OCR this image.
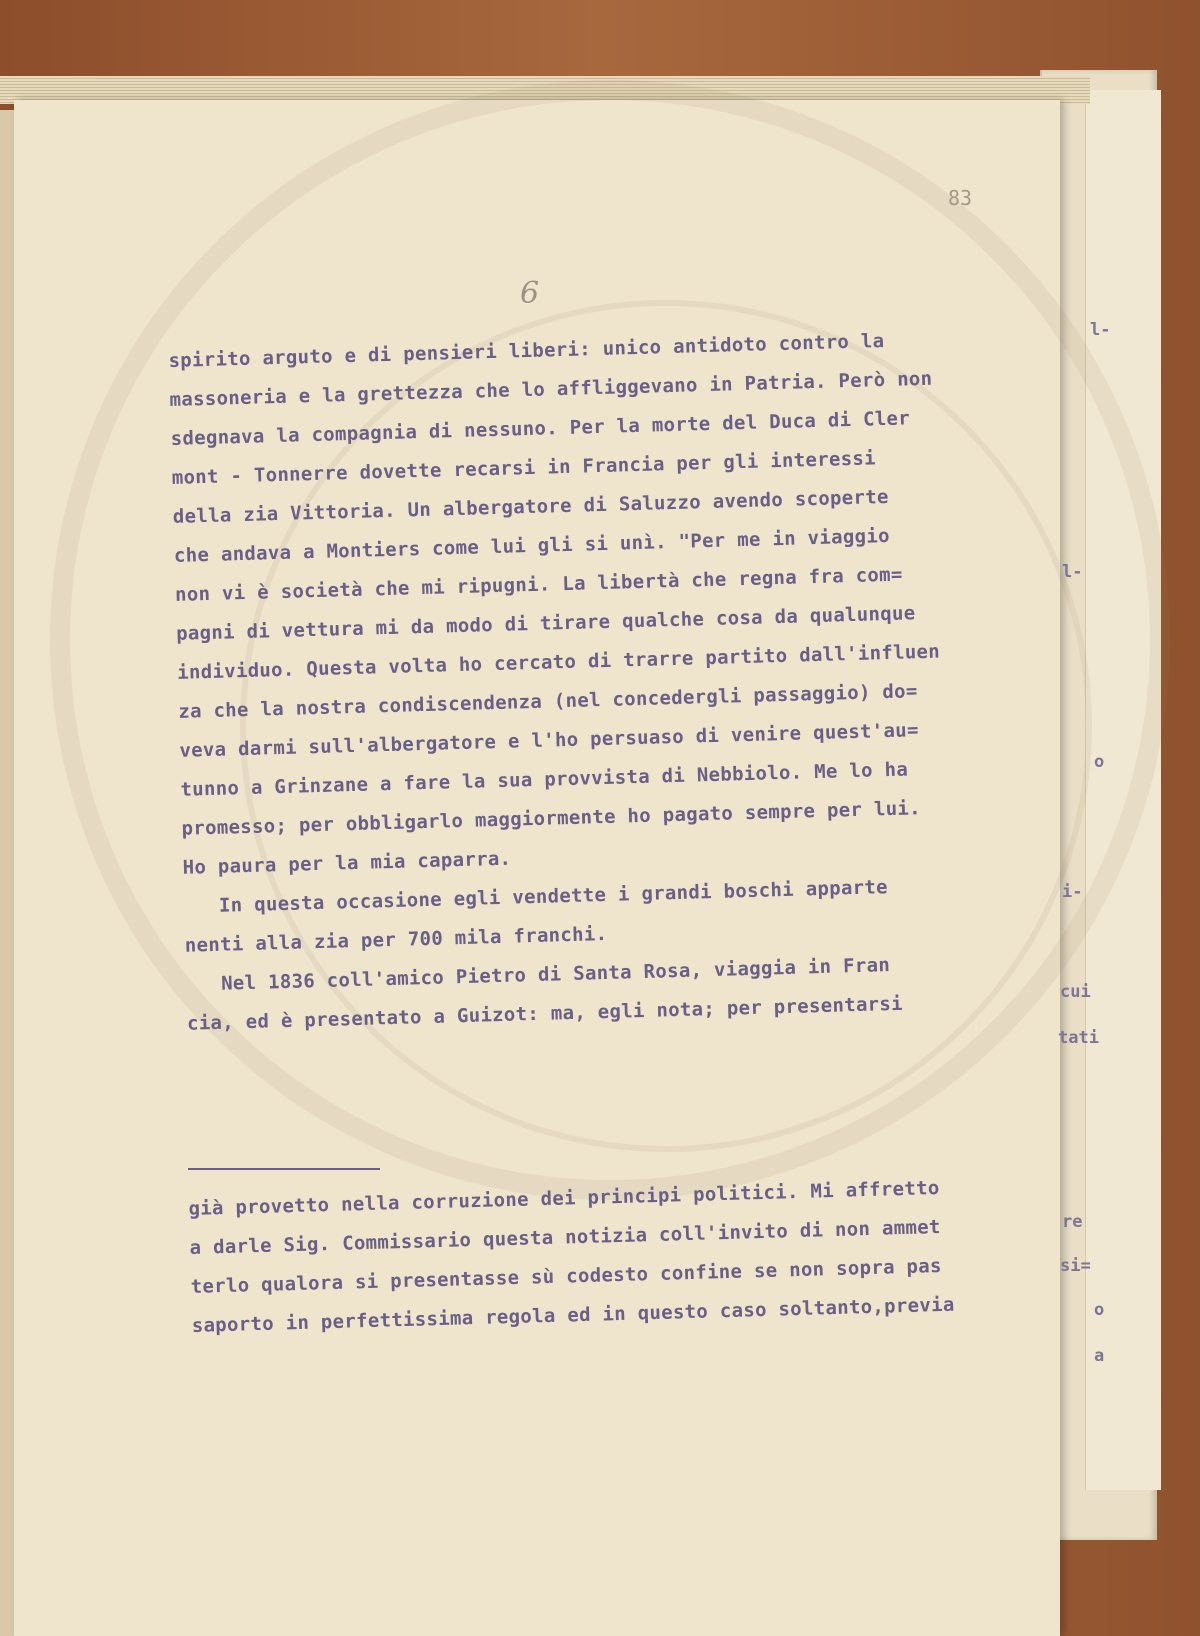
83
6
spirito arguto e di pensieri liberi: unico antidoto contro la
massoneria e la grettezza che lo affliggevano in Patria. Però non
sdegnava la compagnia di nessuno. Per la morte del Duca di Cler
mont - Tonnerre dovette recarsi in Francia per gli interessi
della zia Vittoria. Un albergatore di Saluzzo avendo scoperte
che andava a Montiers come lui gli si unì. "Per me in viaggio
non vi è società che mi ripugni. La libertà che regna fra com=
pagni di vettura mi da modo di tirare qualche cosa da qualunque
individuo. Questa volta ho cercato di trarre partito dall'influen
za che la nostra condiscendenza (nel concedergli passaggio) do=
veva darmi sull'albergatore e l'ho persuaso di venire quest'au=
tunno a Grinzane a fare la sua provvista di Nebbiolo. Me lo ha
promesso; per obbligarlo maggiormente ho pagato sempre per lui.
Ho paura per la mia caparra.
In questa occasione egli vendette i grandi boschi apparte
nenti alla zia per 700 mila franchi.
Nel 1836 coll'amico Pietro di Santa Rosa, viaggia in Fran
cia, ed è presentato a Guizot: ma, egli nota; per presentarsi
già provetto nella corruzione dei principi politici. Mi affretto
a darle Sig. Commissario questa notizia coll'invito di non ammet
terlo qualora si presentasse sù codesto confine se non sopra pas
saporto in perfettissima regola ed in questo caso soltanto,previa
l-
l-
o
i-
cui
tati
re
si=
o
a
